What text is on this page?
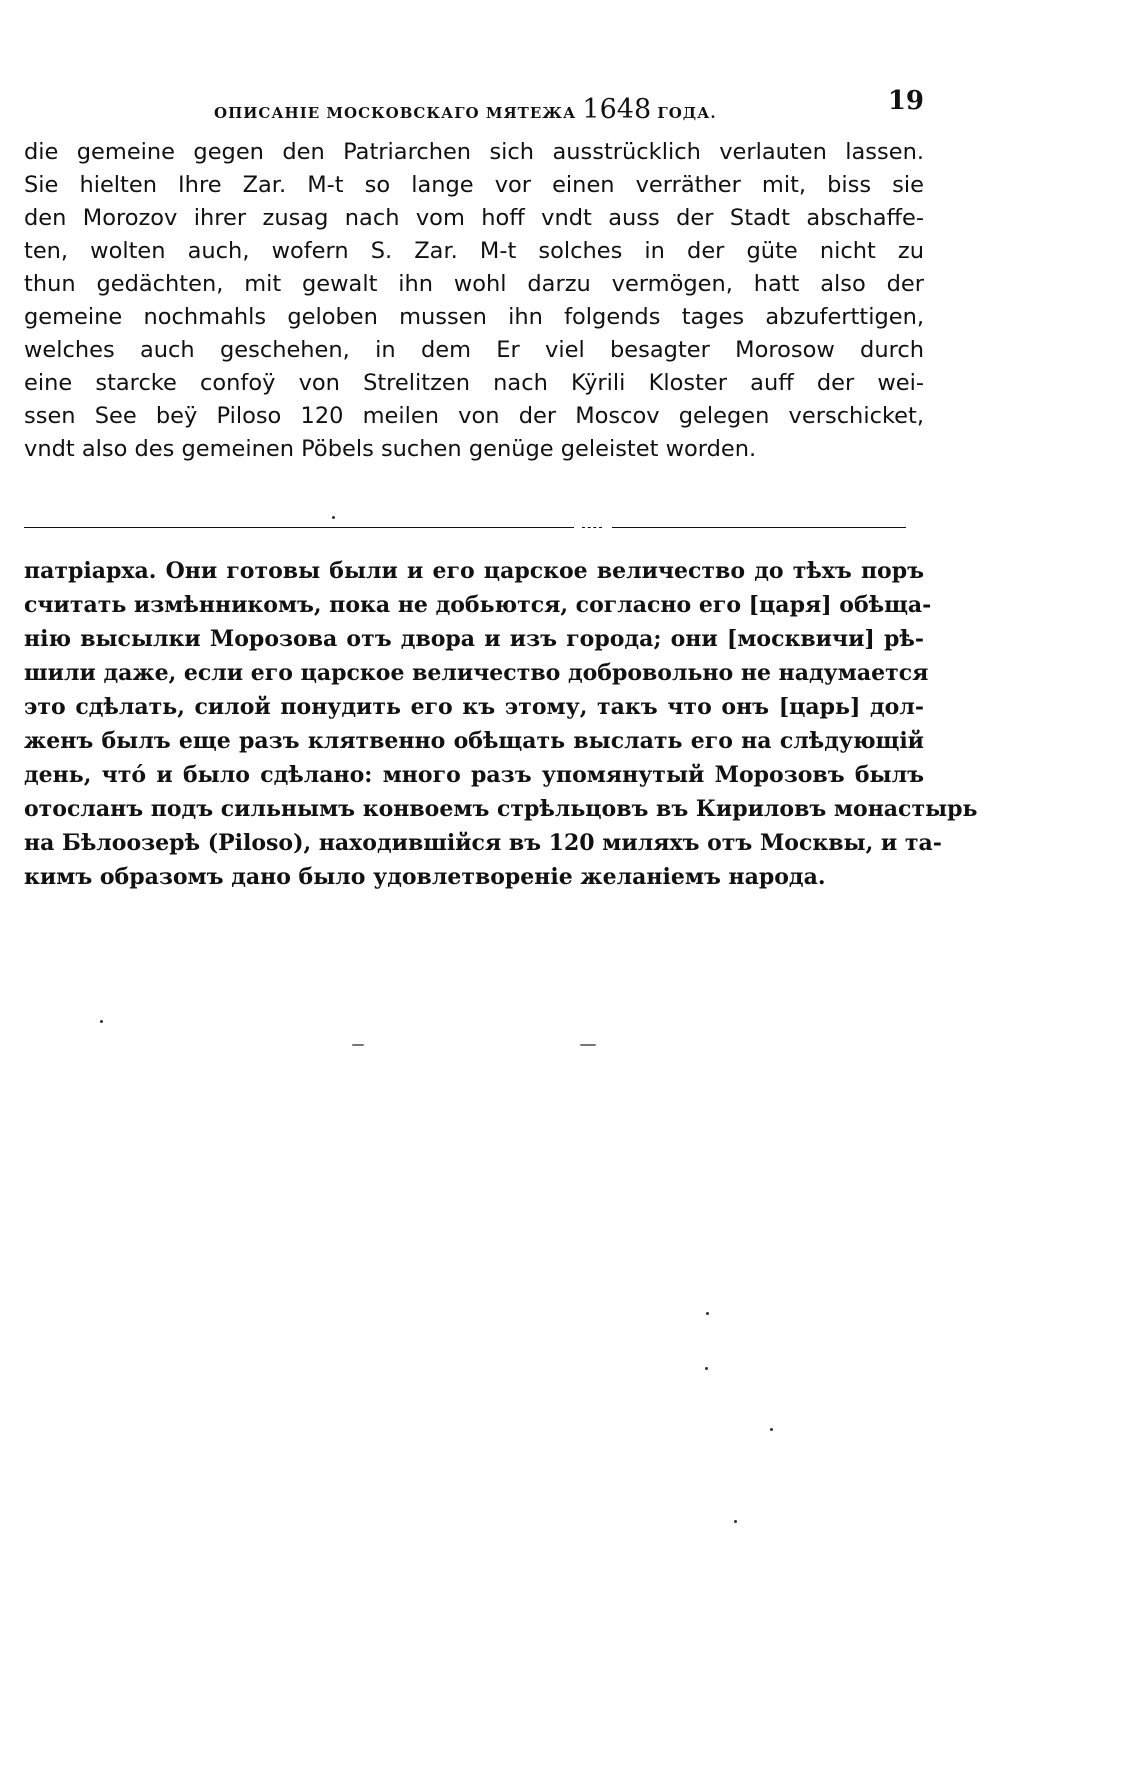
ОПИСАНІЕ МОСКОВСКАГО МЯТЕЖА 1648 ГОДА.	19
die gemeine gegen den Patriarchen sich ausstrücklich verlauten lassen.
Sie hielten Ihre Zar. M-t so lange vor einen verräther mit, biss sie
den Morozov ihrer zusag nach vom hoff vndt auss der Stadt abschaffe-
ten, wolten auch, wofern S. Zar. M-t solches in der güte nicht zu
thun gedächten, mit gewalt ihn wohl darzu vermögen, hatt also der
gemeine nochmahls geloben mussen ihn folgends tages abzuferttigen,
welches auch geschehen, in dem Er viel besagter Morosow durch
eine starcke confoÿ von Strelitzen nach Kÿrili Kloster auff der wei-
ssen See beÿ Piloso 120 meilen von der Moscov gelegen verschicket,
vndt also des gemeinen Pöbels suchen genüge geleistet worden.
патріарха. Они готовы были и его царское величество до тѣхъ поръ
считать измѣнникомъ, пока не добьются, согласно его [царя] обѣща-
нію высылки Морозова отъ двора и изъ города; они [москвичи] рѣ-
шили даже, если его царское величество добровольно не надумается
это сдѣлать, силой понудить его къ этому, такъ что онъ [царь] дол-
женъ былъ еще разъ клятвенно обѣщать выслать его на слѣдующій
день, чтó и было сдѣлано: много разъ упомянутый Морозовъ былъ
отосланъ подъ сильнымъ конвоемъ стрѣльцовъ въ Кириловъ монастырь
на Бѣлоозерѣ (Piloso), находившійся въ 120 миляхъ отъ Москвы, и та-
кимъ образомъ дано было удовлетвореніе желаніемъ народа.
